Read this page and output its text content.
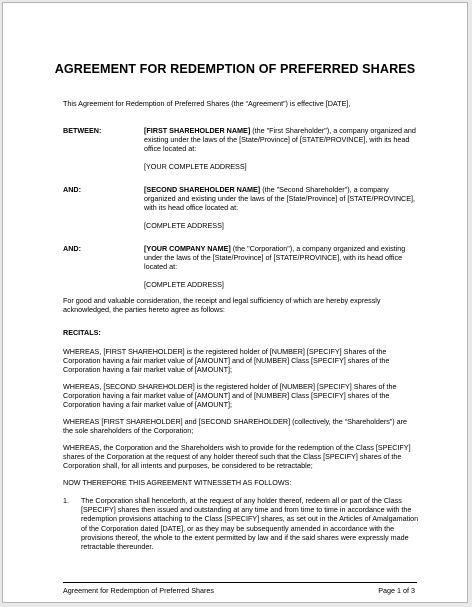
AGREEMENT FOR REDEMPTION OF PREFERRED SHARES
This Agreement for Redemption of Preferred Shares (the “Agreement”) is effective [DATE],
BETWEEN:	[FIRST SHAREHOLDER NAME] (the "First Shareholder"), a company organized and existing under the laws of the [State/Province] of [STATE/PROVINCE], with its head office located at:
[YOUR COMPLETE ADDRESS]
AND:	[SECOND SHAREHOLDER NAME] (the "Second Shareholder"), a company organized and existing under the laws of the [State/Province] of [STATE/PROVINCE], with its head office located at:
[COMPLETE ADDRESS]
AND:	[YOUR COMPANY NAME] (the "Corporation"), a company organized and existing under the laws of the [State/Province] of [STATE/PROVINCE], with its head office located at:
[COMPLETE ADDRESS]
For good and valuable consideration, the receipt and legal sufficiency of which are hereby expressly acknowledged, the parties hereto agree as follows:
RECITALS:
WHEREAS, [FIRST SHAREHOLDER] is the registered holder of [NUMBER] [SPECIFY] Shares of the Corporation having a fair market value of [AMOUNT] and of [NUMBER] Class [SPECIFY] shares of the Corporation having a fair market value of [AMOUNT];
WHEREAS, [SECOND SHAREHOLDER] is the registered holder of [NUMBER] [SPECIFY] Shares of the Corporation having a fair market value of [AMOUNT] and of [NUMBER] Class [SPECIFY] shares of the Corporation having a fair market value of [AMOUNT];
WHEREAS [FIRST SHAREHOLDER] and [SECOND SHAREHOLDER] (collectively, the “Shareholders”) are the sole shareholders of the Corporation;
WHEREAS, the Corporation and the Shareholders wish to provide for the redemption of the Class [SPECIFY] shares of the Corporation at the request of any holder thereof such that the Class [SPECIFY] shares of the Corporation shall, for all intents and purposes, be considered to be retractable;
NOW THEREFORE THIS AGREEMENT WITNESSETH AS FOLLOWS:
1. The Corporation shall henceforth, at the request of any holder thereof, redeem all or part of the Class [SPECIFY] shares then issued and outstanding at any time and from time to time in accordance with the redemption provisions attaching to the Class [SPECIFY] shares, as set out in the Articles of Amalgamation of the Corporation dated [DATE], or as they may be subsequently amended in accordance with the provisions thereof, the whole to the extent permitted by law and if the said shares were expressly made retractable thereunder.
Agreement for Redemption of Preferred Shares	Page 1 of 3
